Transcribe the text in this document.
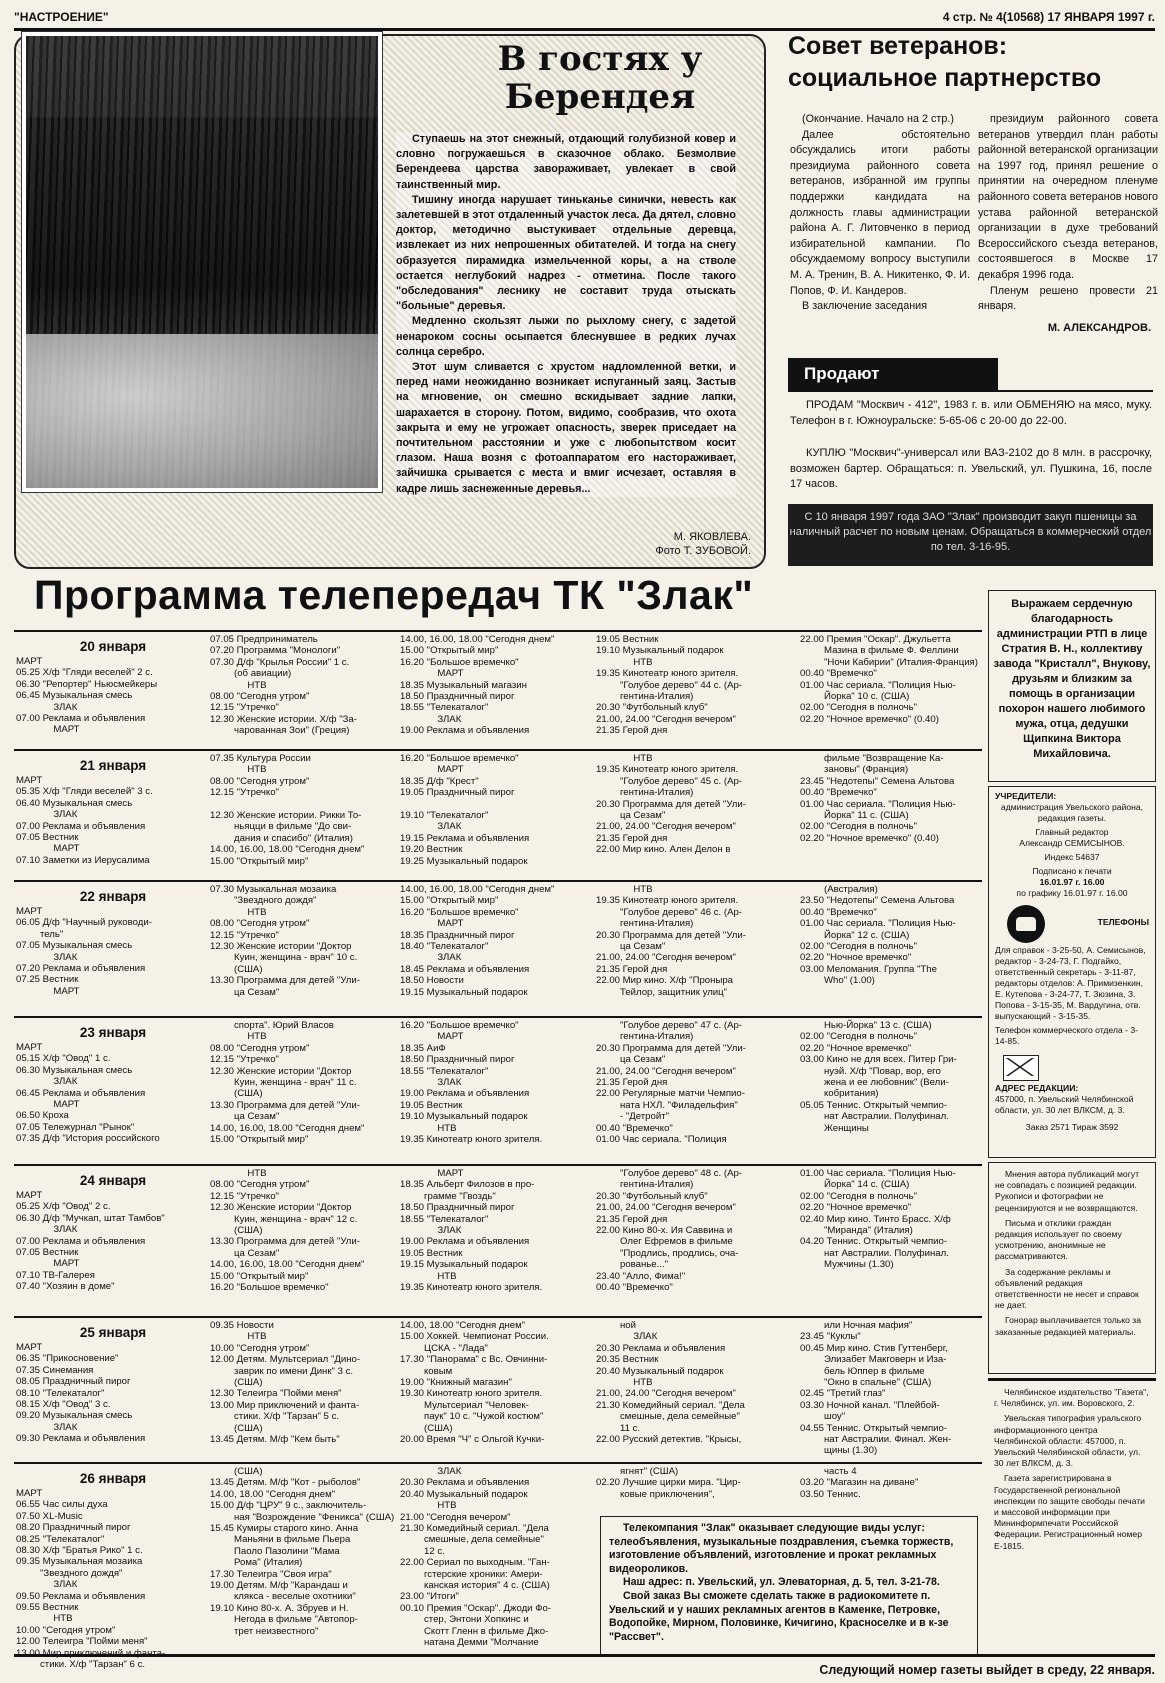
"НАСТРОЕНИЕ"	4 стр. № 4(10568) 17 ЯНВАРЯ 1997 г.
В гостях у Берендея

Ступаешь на этот снежный, отдающий голубизной ковер и словно погружаешься в сказочное облако. Безмолвие Берендеева царства завораживает, увлекает в свой таинственный мир.

Тишину иногда нарушает тиньканье синички, невесть как залетевшей в этот отдаленный участок леса. Да дятел, словно доктор, методично выстукивает отдельные деревца, извлекает из них непрошенных обитателей. И тогда на снегу образуется пирамидка измельченной коры, а на стволе остается неглубокий надрез - отметина. После такого "обследования" леснику не составит труда отыскать "больные" деревья.

Медленно скользят лыжи по рыхлому снегу, с задетой ненароком сосны осыпается блеснувшее в редких лучах солнца серебро.

Этот шум сливается с хрустом надломленной ветки, и перед нами неожиданно возникает испуганный заяц. Застыв на мгновение, он смешно вскидывает задние лапки, шарахается в сторону. Потом, видимо, сообразив, что охота закрыта и ему не угрожает опасность, зверек приседает на почтительном расстоянии и уже с любопытством косит глазом. Наша возня с фотоаппаратом его настораживает, зайчишка срывается с места и вмиг исчезает, оставляя в кадре лишь заснеженные деревья...

М. ЯКОВЛЕВА.
Фото Т. ЗУБОВОЙ.
Совет ветеранов: социальное партнерство

(Окончание. Начало на 2 стр.)

Далее обстоятельно обсуждались итоги работы президиума районного совета ветеранов, избранной им группы поддержки кандидата на должность главы администрации района А. Г. Литовченко в период избирательной кампании. По обсуждаемому вопросу выступили М. А. Тренин, В. А. Никитенко, Ф. И. Попов, Ф. И. Кандеров.

В заключение заседания

президиум районного совета ветеранов утвердил план работы районной ветеранской организации на 1997 год, принял решение о принятии на очередном пленуме районного совета ветеранов нового устава районной ветеранской организации в духе требований Всероссийского съезда ветеранов, состоявшегося в Москве 17 декабря 1996 года.

Пленум решено провести 21 января.

М. АЛЕКСАНДРОВ.
Продают

ПРОДАМ "Москвич - 412", 1983 г. в. или ОБМЕНЯЮ на мясо, муку. Телефон в г. Южноуральске: 5-65-06 с 20-00 до 22-00.

КУПЛЮ "Москвич"-универсал или ВАЗ-2102 до 8 млн. в рассрочку, возможен бартер. Обращаться: п. Увельский, ул. Пушкина, 16, после 17 часов.

С 10 января 1997 года ЗАО "Злак" производит закуп пшеницы за наличный расчет по новым ценам. Обращаться в коммерческий отдел по тел. 3-16-95.
Программа телепередач ТК "Злак"
20 января
МАРТ
05.25 Х/ф "Гляди веселей" 2 с.
06.30 "Репортер" Ньюсмейкеры
06.45 Музыкальная смесь
ЗЛАК
07.00 Реклама и объявления
МАРТ
07.05 Предприниматель
07.20 Программа "Монологи"
07.30 Д/ф "Крылья России" 1 с.
(об авиации)
НТВ
08.00 "Сегодня утром"
12.15 "Утречко"
12.30 Женские истории. Х/ф "За-
чарованная Зои" (Греция)
14.00, 16.00, 18.00 "Сегодня днем"
15.00 "Открытый мир"
16.20 "Большое времечко"
МАРТ
18.35 Музыкальный магазин
18.50 Праздничный пирог
18.55 "Телекаталог"
ЗЛАК
19.00 Реклама и объявления
19.05 Вестник
19.10 Музыкальный подарок
НТВ
19.35 Кинотеатр юного зрителя.
"Голубое дерево" 44 с. (Ар-
гентина-Италия)
20.30 "Футбольный клуб"
21.00, 24.00 "Сегодня вечером"
21.35 Герой дня
22.00 Премия "Оскар". Джульетта
Мазина в фильме Ф. Феллини
"Ночи Кабирии" (Италия-Франция)
00.40 "Времечко"
01.00 Час сериала. "Полиция Нью-
Йорка" 10 с. (США)
02.00 "Сегодня в полночь"
02.20 "Ночное времечко" (0.40)
21 января
МАРТ
05.35 Х/ф "Гляди веселей" 3 с.
06.40 Музыкальная смесь
ЗЛАК
07.00 Реклама и объявления
07.05 Вестник
МАРТ
07.10 Заметки из Иерусалима
07.35 Культура России
НТВ
08.00 "Сегодня утром"
12.15 "Утречко"

12.30 Женские истории. Рикки То-
ньяцци в фильме "До сви-
дания и спасибо" (Италия)
14.00, 16.00, 18.00 "Сегодня днем"
15.00 "Открытый мир"
16.20 "Большое времечко"
МАРТ
18.35 Д/ф "Крест"
19.05 Праздничный пирог

19.10 "Телекаталог"
ЗЛАК
19.15 Реклама и объявления
19.20 Вестник
19.25 Музыкальный подарок
НТВ
19.35 Кинотеатр юного зрителя.
"Голубое дерево" 45 с. (Ар-
гентина-Италия)
20.30 Программа для детей "Ули-
ца Сезам"
21.00, 24.00 "Сегодня вечером"
21.35 Герой дня
22.00 Мир кино. Ален Делон в
фильме "Возвращение Ка-
зановы" (Франция)
23.45 "Недотепы" Семена Альтова
00.40 "Времечко"
01.00 Час сериала. "Полиция Нью-
Йорка" 11 с. (США)
02.00 "Сегодня в полночь"
02.20 "Ночное времечко" (0.40)
22 января
МАРТ
06.05 Д/ф "Научный руководи-
тель"
07.05 Музыкальная смесь
ЗЛАК
07.20 Реклама и объявления
07.25 Вестник
МАРТ
07.30 Музыкальная мозаика
"Звездного дождя"
НТВ
08.00 "Сегодня утром"
12.15 "Утречко"
12.30 Женские истории "Доктор
Куин, женщина - врач" 10 с.
(США)
13.30 Программа для детей "Ули-
ца Сезам"
14.00, 16.00, 18.00 "Сегодня днем"
15.00 "Открытый мир"
16.20 "Большое времечко"
МАРТ
18.35 Праздничный пирог
18.40 "Телекаталог"
ЗЛАК
18.45 Реклама и объявления
18.50 Новости
19.15 Музыкальный подарок
НТВ
19.35 Кинотеатр юного зрителя.
"Голубое дерево" 46 с. (Ар-
гентина-Италия)
20.30 Программа для детей "Ули-
ца Сезам"
21.00, 24.00 "Сегодня вечером"
21.35 Герой дня
22.00 Мир кино. Х/ф "Проныра
Тейлор, защитник улиц"
(Австралия)
23.50 "Недотепы" Семена Альтова
00.40 "Времечко"
01.00 Час сериала. "Полиция Нью-
Йорка" 12 с. (США)
02.00 "Сегодня в полночь"
02.20 "Ночное времечко"
03.00 Меломания. Группа "The
Who" (1.00)
23 января
МАРТ
05.15 Х/ф "Овод" 1 с.
06.30 Музыкальная смесь
ЗЛАК
06.45 Реклама и объявления
МАРТ
06.50 Кроха
07.05 Тележурнал "Рынок"
07.35 Д/ф "История российского
спорта". Юрий Власов
НТВ
08.00 "Сегодня утром"
12.15 "Утречко"
12.30 Женские истории "Доктор
Куин, женщина - врач" 11 с.
(США)
13.30 Программа для детей "Ули-
ца Сезам"
14.00, 16.00, 18.00 "Сегодня днем"
15.00 "Открытый мир"
16.20 "Большое времечко"
МАРТ
18.35 АиФ
18.50 Праздничный пирог
18.55 "Телекаталог"
ЗЛАК
19.00 Реклама и объявления
19.05 Вестник
19.10 Музыкальный подарок
НТВ
19.35 Кинотеатр юного зрителя.
"Голубое дерево" 47 с. (Ар-
гентина-Италия)
20.30 Программа для детей "Ули-
ца Сезам"
21.00, 24.00 "Сегодня вечером"
21.35 Герой дня
22.00 Регулярные матчи Чемпио-
ната НХЛ. "Филадельфия"
- "Детройт"
00.40 "Времечко"
01.00 Час сериала. "Полиция
Нью-Йорка" 13 с. (США)
02.00 "Сегодня в полночь"
02.20 "Ночное времечко"
03.00 Кино не для всех. Питер Гри-
нуэй. Х/ф "Повар, вор, его
жена и ее любовник" (Вели-
кобритания)
05.05 Теннис. Открытый чемпио-
нат Австралии. Полуфинал.
Женщины
24 января
МАРТ
05.25 Х/ф "Овод" 2 с.
06.30 Д/ф "Мучкап, штат Тамбов"
ЗЛАК
07.00 Реклама и объявления
07.05 Вестник
МАРТ
07.10 ТВ-Галерея
07.40 "Хозяин в доме"
НТВ
08.00 "Сегодня утром"
12.15 "Утречко"
12.30 Женские истории "Доктор
Куин, женщина - врач" 12 с.
(США)
13.30 Программа для детей "Ули-
ца Сезам"
14.00, 16.00, 18.00 "Сегодня днем"
15.00 "Открытый мир"
16.20 "Большое времечко"
МАРТ
18.35 Альберт Филозов в про-
грамме "Гвоздь"
18.50 Праздничный пирог
18.55 "Телекаталог"
ЗЛАК
19.00 Реклама и объявления
19.05 Вестник
19.15 Музыкальный подарок
НТВ
19.35 Кинотеатр юного зрителя.
"Голубое дерево" 48 с. (Ар-
гентина-Италия)
20.30 "Футбольный клуб"
21.00, 24.00 "Сегодня вечером"
21.35 Герой дня
22.00 Кино 80-х. Ия Саввина и
Олег Ефремов в фильме
"Продлись, продлись, оча-
рованье..."
23.40 "Алло, Фима!"
00.40 "Времечко"
01.00 Час сериала. "Полиция Нью-
Йорка" 14 с. (США)
02.00 "Сегодня в полночь"
02.20 "Ночное времечко"
02.40 Мир кино. Тинто Брасс. Х/ф
"Миранда" (Италия)
04.20 Теннис. Открытый чемпио-
нат Австралии. Полуфинал.
Мужчины (1.30)
25 января
МАРТ
06.35 "Прикосновение"
07.35 Синемания
08.05 Праздничный пирог
08.10 "Телекаталог"
08.15 Х/ф "Овод" 3 с.
09.20 Музыкальная смесь
ЗЛАК
09.30 Реклама и объявления
09.35 Новости
НТВ
10.00 "Сегодня утром"
12.00 Детям. Мультсериал "Дино-
заврик по имени Динк" 3 с.
(США)
12.30 Телеигра "Пойми меня"
13.00 Мир приключений и фанта-
стики. Х/ф "Тарзан" 5 с.
(США)
13.45 Детям. М/ф "Кем быть"
14.00, 18.00 "Сегодня днем"
15.00 Хоккей. Чемпионат России.
ЦСКА - "Лада"
17.30 "Панорама" с Вс. Овчинни-
ковым
19.00 "Книжный магазин"
19.30 Кинотеатр юного зрителя.
Мультсериал "Человек-
паук" 10 с. "Чужой костюм"
(США)
20.00 Время "Ч" с Ольгой Кучки-
ной
ЗЛАК
20.30 Реклама и объявления
20.35 Вестник
20.40 Музыкальный подарок
НТВ
21.00, 24.00 "Сегодня вечером"
21.30 Комедийный сериал. "Дела
смешные, дела семейные"
11 с.
22.00 Русский детектив. "Крысы,
или Ночная мафия"
23.45 "Куклы"
00.45 Мир кино. Стив Гуттенберг,
Элизабет Макговерн и Иза-
бель Юппер в фильме
"Окно в спальне" (США)
02.45 "Третий глаз"
03.30 Ночной канал. "Плейбой-
шоу"
04.55 Теннис. Открытый чемпио-
нат Австралии. Финал. Жен-
щины (1.30)
26 января
МАРТ
06.55 Час силы духа
07.50 XL-Music
08.20 Праздничный пирог
08.25 "Телекаталог"
08.30 Х/ф "Братья Рико" 1 с.
09.35 Музыкальная мозаика
"Звездного дождя"
ЗЛАК
09.50 Реклама и объявления
09.55 Вестник
НТВ
10.00 "Сегодня утром"
12.00 Телеигра "Пойми меня"
13.00 Мир приключений и фанта-
стики. Х/ф "Тарзан" 6 с.
(США)
13.45 Детям. М/ф "Кот - рыболов"
14.00, 18.00 "Сегодня днем"
15.00 Д/ф "ЦРУ" 9 с., заключитель-
ная "Возрождение "Феникса" (США)
15.45 Кумиры старого кино. Анна
Маньяни в фильме Пьера
Паоло Пазолини "Мама
Рома" (Италия)
17.30 Телеигра "Своя игра"
19.00 Детям. М/ф "Карандаш и
клякса - веселые охотники"
19.10 Кино 80-х. А. Збруев и Н.
Негода в фильме "Автопор-
трет неизвестного"
ЗЛАК
20.30 Реклама и объявления
20.40 Музыкальный подарок
НТВ
21.00 "Сегодня вечером"
21.30 Комедийный сериал. "Дела
смешные, дела семейные"
12 с.
22.00 Сериал по выходным. "Ган-
гстерские хроники: Амери-
канская история" 4 с. (США)
23.00 "Итоги"
00.10 Премия "Оскар". Джоди Фо-
стер, Энтони Хопкинс и
Скотт Гленн в фильме Джо-
натана Демми "Молчание
ягнят" (США)
02.20 Лучшие цирки мира. "Цир-
ковые приключения",
часть 4
03.20 "Магазин на диване"
03.50 Теннис.
Выражаем сердечную благодарность администрации РТП в лице Стратия В. Н., коллективу завода "Кристалл", Внукову, друзьям и близким за помощь в организации похорон нашего любимого мужа, отца, дедушки Щипкина Виктора Михайловича.
УЧРЕДИТЕЛИ:
администрация Увельского района, редакция газеты.
Главный редактор
Александр СЕМИСЫНОВ.
Индекс 54637
Подписано к печати
16.01.97 г. 16.00
по графику 16.01.97 г. 16.00
ТЕЛЕФОНЫ
Для справок - 3-25-50, А. Семисынов, редактор - 3-24-73, Г. Подгайко, ответственный секретарь - 3-11-87, редакторы отделов: А. Примизенкин, Е. Кутепова - 3-24-77, Т. Зюзина, З. Попова - 3-15-35, М. Вардугина, отв. выпускающий - 3-15-35.
Телефон коммерческого отдела - 3-14-85.
АДРЕС РЕДАКЦИИ:
457000, п. Увельский Челябинской области, ул. 30 лет ВЛКСМ, д. 3.
Заказ 2571 Тираж 3592

Мнения автора публикаций могут не совпадать с позицией редакции. Рукописи и фотографии не рецензируются и не возвращаются.

Письма и отклики граждан редакция использует по своему усмотрению, анонимные не рассматриваются.

За содержание рекламы и объявлений редакция ответственности не несет и справок не дает.

Гонорар выплачивается только за заказанные редакцией материалы.

Челябинское издательство "Газета", г. Челябинск, ул. им. Воровского, 2.

Увельская типография уральского информационного центра Челябинской области: 457000, п. Увельский Челябинской области, ул. 30 лет ВЛКСМ, д. 3.

Газета зарегистрирована в Государственной региональной инспекции по защите свободы печати и массовой информации при Мининформпечати Российской Федерации. Регистрационный номер Е-1815.

Телекомпания "Злак" оказывает следующие виды услуг: телеобъявления, музыкальные поздравления, съемка торжеств, изготовление объявлений, изготовление и прокат рекламных видеороликов.

Наш адрес: п. Увельский, ул. Элеваторная, д. 5, тел. 3-21-78.

Свой заказ Вы сможете сделать также в радиокомитете п. Увельский и у наших рекламных агентов в Каменке, Петровке, Водопойке, Мирном, Половинке, Кичигино, Красноселке и в к-зе "Рассвет".

Следующий номер газеты выйдет в среду, 22 января.
